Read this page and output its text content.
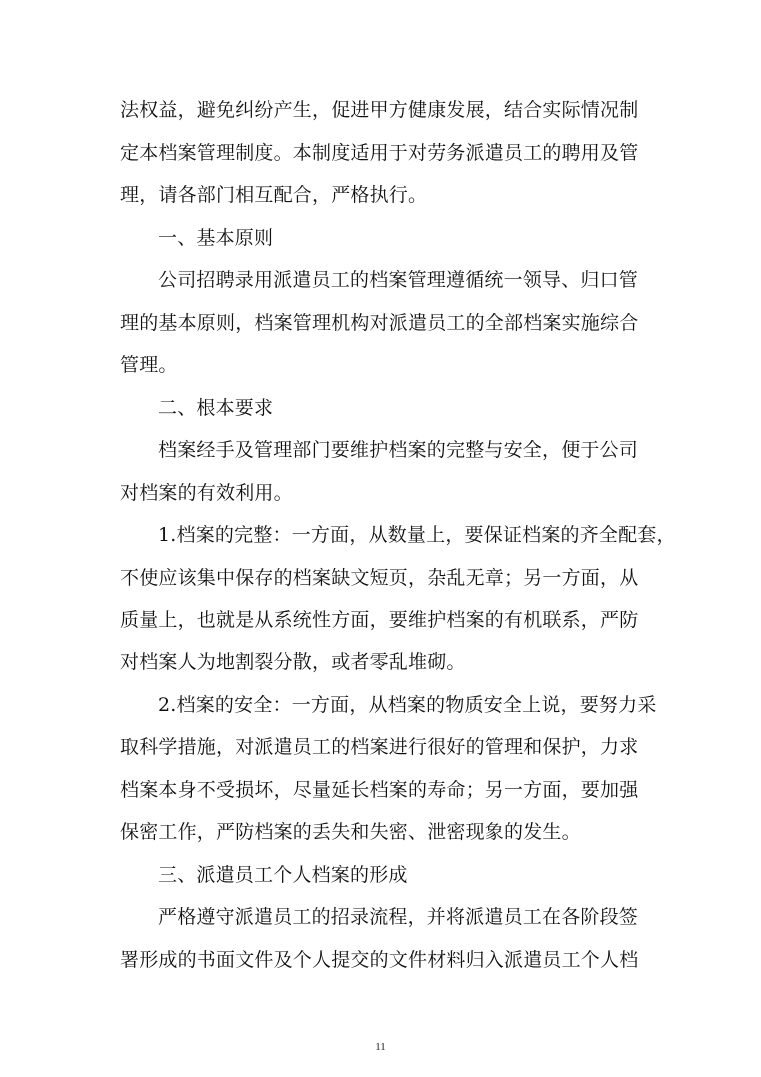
法权益，避免纠纷产生，促进甲方健康发展，结合实际情况制
定本档案管理制度。本制度适用于对劳务派遣员工的聘用及管
理，请各部门相互配合，严格执行。
一、基本原则
公司招聘录用派遣员工的档案管理遵循统一领导、归口管
理的基本原则，档案管理机构对派遣员工的全部档案实施综合
管理。
二、根本要求
档案经手及管理部门要维护档案的完整与安全，便于公司
对档案的有效利用。
1.档案的完整：一方面，从数量上，要保证档案的齐全配套，
不使应该集中保存的档案缺文短页，杂乱无章；另一方面，从
质量上，也就是从系统性方面，要维护档案的有机联系，严防
对档案人为地割裂分散，或者零乱堆砌。
2.档案的安全：一方面，从档案的物质安全上说，要努力采
取科学措施，对派遣员工的档案进行很好的管理和保护，力求
档案本身不受损坏，尽量延长档案的寿命；另一方面，要加强
保密工作，严防档案的丢失和失密、泄密现象的发生。
三、派遣员工个人档案的形成
严格遵守派遣员工的招录流程，并将派遣员工在各阶段签
署形成的书面文件及个人提交的文件材料归入派遣员工个人档
11
